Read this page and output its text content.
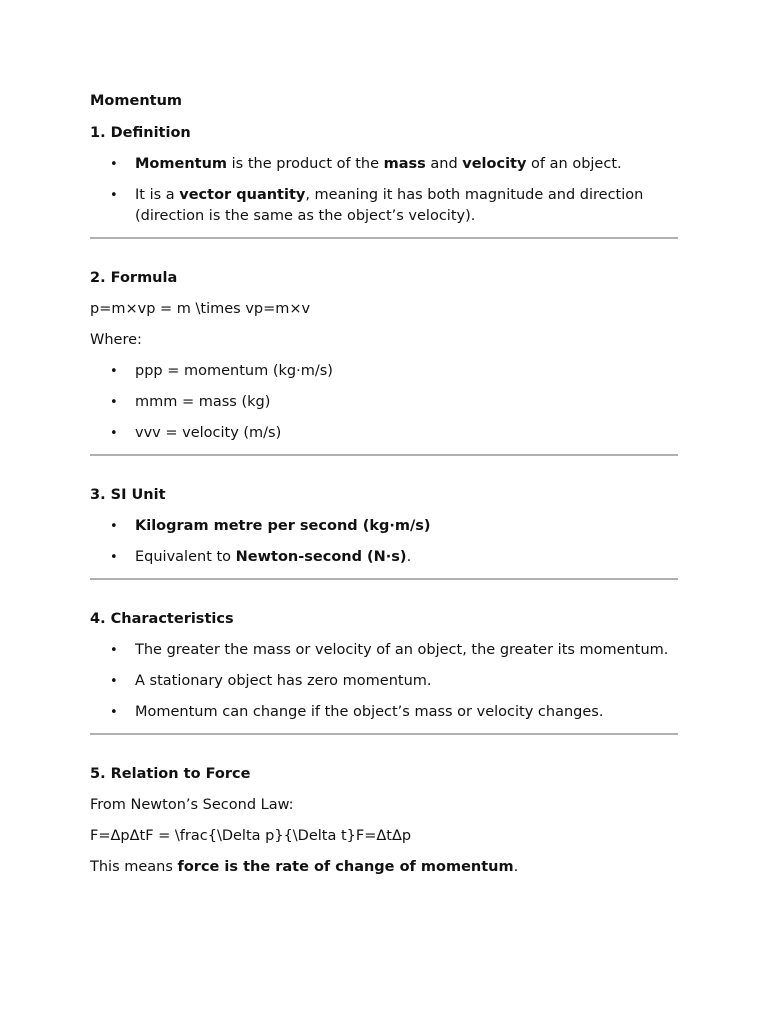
Momentum

1. Definition

• Momentum is the product of the mass and velocity of an object.
• It is a vector quantity, meaning it has both magnitude and direction (direction is the same as the object’s velocity).

2. Formula

p=m×vp = m \times vp=m×v

Where:

• ppp = momentum (kg·m/s)
• mmm = mass (kg)
• vvv = velocity (m/s)

3. SI Unit

• Kilogram metre per second (kg·m/s)
• Equivalent to Newton-second (N·s).

4. Characteristics

• The greater the mass or velocity of an object, the greater its momentum.
• A stationary object has zero momentum.
• Momentum can change if the object’s mass or velocity changes.

5. Relation to Force

From Newton’s Second Law:

F=ΔpΔtF = \frac{\Delta p}{\Delta t}F=ΔtΔp

This means force is the rate of change of momentum.
